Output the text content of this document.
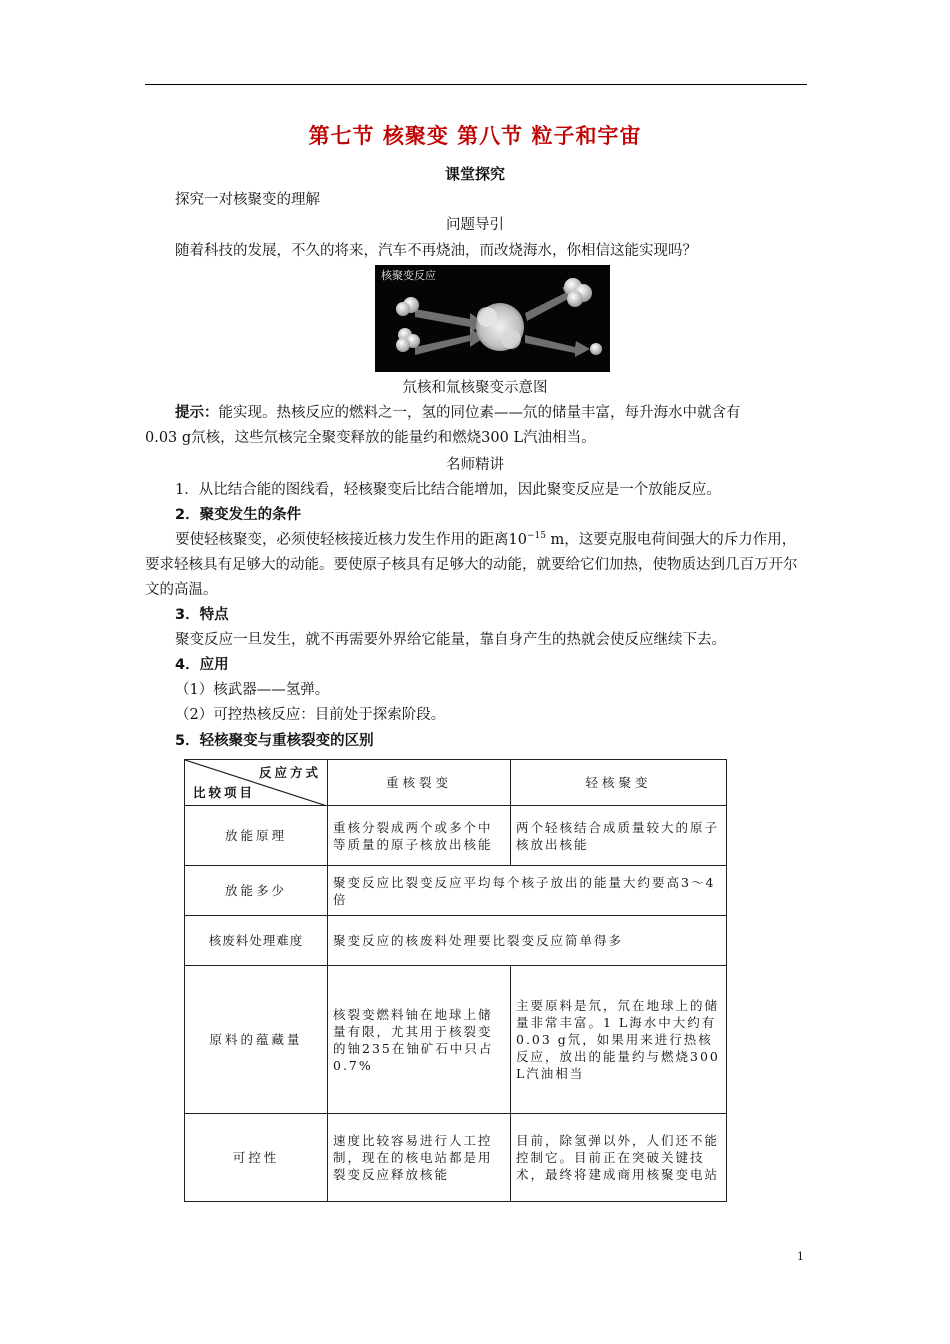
第七节 核聚变 第八节 粒子和宇宙
课堂探究
探究一对核聚变的理解
问题导引
随着科技的发展，不久的将来，汽车不再烧油，而改烧海水，你相信这能实现吗？
核聚变反应
氘核和氚核聚变示意图
提示：能实现。热核反应的燃料之一，氢的同位素——氘的储量丰富，每升海水中就含有
0.03 g氘核，这些氘核完全聚变释放的能量约和燃烧300 L汽油相当。
名师精讲
1．从比结合能的图线看，轻核聚变后比结合能增加，因此聚变反应是一个放能反应。
2．聚变发生的条件
要使轻核聚变，必须使轻核接近核力发生作用的距离$10^{-15}$ m，这要克服电荷间强大的斥力作用，要求轻核具有足够大的动能。要使原子核具有足够大的动能，就要给它们加热，使物质达到几百万开尔文的高温。
3．特点
聚变反应一旦发生，就不再需要外界给它能量，靠自身产生的热就会使反应继续下去。
4．应用
（1）核武器——氢弹。
（2）可控热核反应：目前处于探索阶段。
5．轻核聚变与重核裂变的区别
反应方式
比较项目	重核裂变	轻核聚变
放能原理	重核分裂成两个或多个中等质量的原子核放出核能	两个轻核结合成质量较大的原子核放出核能
放能多少	聚变反应比裂变反应平均每个核子放出的能量大约要高3～4倍	
核废料处理难度	聚变反应的核废料处理要比裂变反应简单得多	
原料的蕴藏量	核裂变燃料铀在地球上储量有限，尤其用于核裂变的铀235在铀矿石中只占0.7%	主要原料是氘，氘在地球上的储量非常丰富。1 L海水中大约有0.03 g氘，如果用来进行热核反应，放出的能量约与燃烧300 L汽油相当
可控性	速度比较容易进行人工控制，现在的核电站都是用裂变反应释放核能	目前，除氢弹以外，人们还不能控制它。目前正在突破关键技术，最终将建成商用核聚变电站
1
